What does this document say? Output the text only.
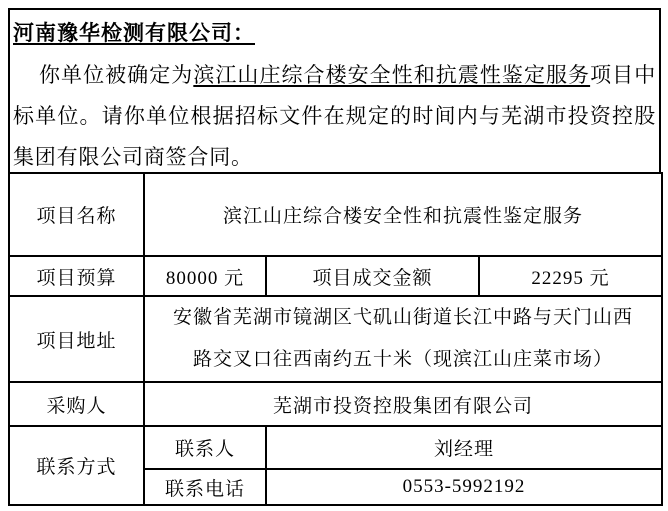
河南豫华检测有限公司：

你单位被确定为滨江山庄综合楼安全性和抗震性鉴定服务项目中标单位。请你单位根据招标文件在规定的时间内与芜湖市投资控股集团有限公司商签合同。

项目名称	滨江山庄综合楼安全性和抗震性鉴定服务		
项目预算	80000 元	项目成交金额	22295 元
项目地址	安徽省芜湖市镜湖区弋矶山街道长江中路与天门山西
路交叉口往西南约五十米（现滨江山庄菜市场）		

采购人	芜湖市投资控股集团有限公司		
联系方式	联系人	刘经理	
	联系电话	0553-5992192	
